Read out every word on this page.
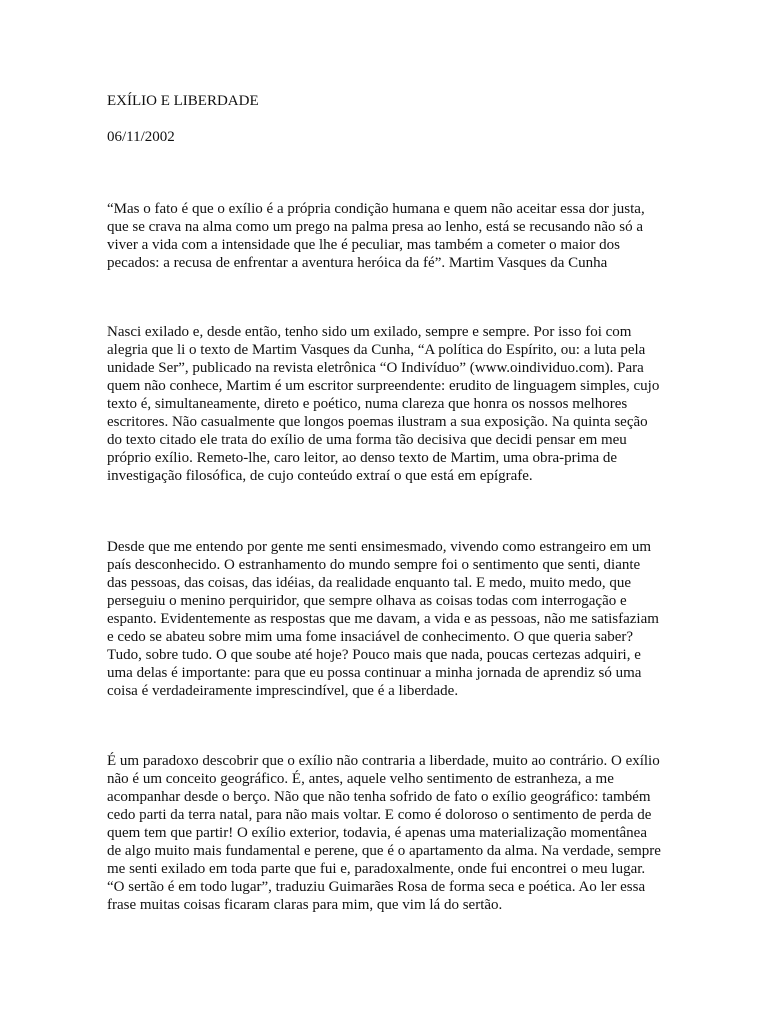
EXÍLIO E LIBERDADE

06/11/2002

“Mas o fato é que o exílio é a própria condição humana e quem não aceitar essa dor justa, que se crava na alma como um prego na palma presa ao lenho, está se recusando não só a viver a vida com a intensidade que lhe é peculiar, mas também a cometer o maior dos pecados: a recusa de enfrentar a aventura heróica da fé”. Martim Vasques da Cunha

Nasci exilado e, desde então, tenho sido um exilado, sempre e sempre. Por isso foi com alegria que li o texto de Martim Vasques da Cunha, “A política do Espírito, ou: a luta pela unidade Ser”, publicado na revista eletrônica “O Indivíduo” (www.oindividuo.com). Para quem não conhece, Martim é um escritor surpreendente: erudito de linguagem simples, cujo texto é, simultaneamente, direto e poético, numa clareza que honra os nossos melhores escritores. Não casualmente que longos poemas ilustram a sua exposição. Na quinta seção do texto citado ele trata do exílio de uma forma tão decisiva que decidi pensar em meu próprio exílio. Remeto-lhe, caro leitor, ao denso texto de Martim, uma obra-prima de investigação filosófica, de cujo conteúdo extraí o que está em epígrafe.

Desde que me entendo por gente me senti ensimesmado, vivendo como estrangeiro em um país desconhecido. O estranhamento do mundo sempre foi o sentimento que senti, diante das pessoas, das coisas, das idéias, da realidade enquanto tal. E medo, muito medo, que perseguiu o menino perquiridor, que sempre olhava as coisas todas com interrogação e espanto. Evidentemente as respostas que me davam, a vida e as pessoas, não me satisfaziam e cedo se abateu sobre mim uma fome insaciável de conhecimento. O que queria saber? Tudo, sobre tudo. O que soube até hoje? Pouco mais que nada, poucas certezas adquiri, e uma delas é importante: para que eu possa continuar a minha jornada de aprendiz só uma coisa é verdadeiramente imprescindível, que é a liberdade.

É um paradoxo descobrir que o exílio não contraria a liberdade, muito ao contrário. O exílio não é um conceito geográfico. É, antes, aquele velho sentimento de estranheza, a me acompanhar desde o berço. Não que não tenha sofrido de fato o exílio geográfico: também cedo parti da terra natal, para não mais voltar. E como é doloroso o sentimento de perda de quem tem que partir! O exílio exterior, todavia, é apenas uma materialização momentânea de algo muito mais fundamental e perene, que é o apartamento da alma. Na verdade, sempre me senti exilado em toda parte que fui e, paradoxalmente, onde fui encontrei o meu lugar. “O sertão é em todo lugar”, traduziu Guimarães Rosa de forma seca e poética. Ao ler essa frase muitas coisas ficaram claras para mim, que vim lá do sertão.
